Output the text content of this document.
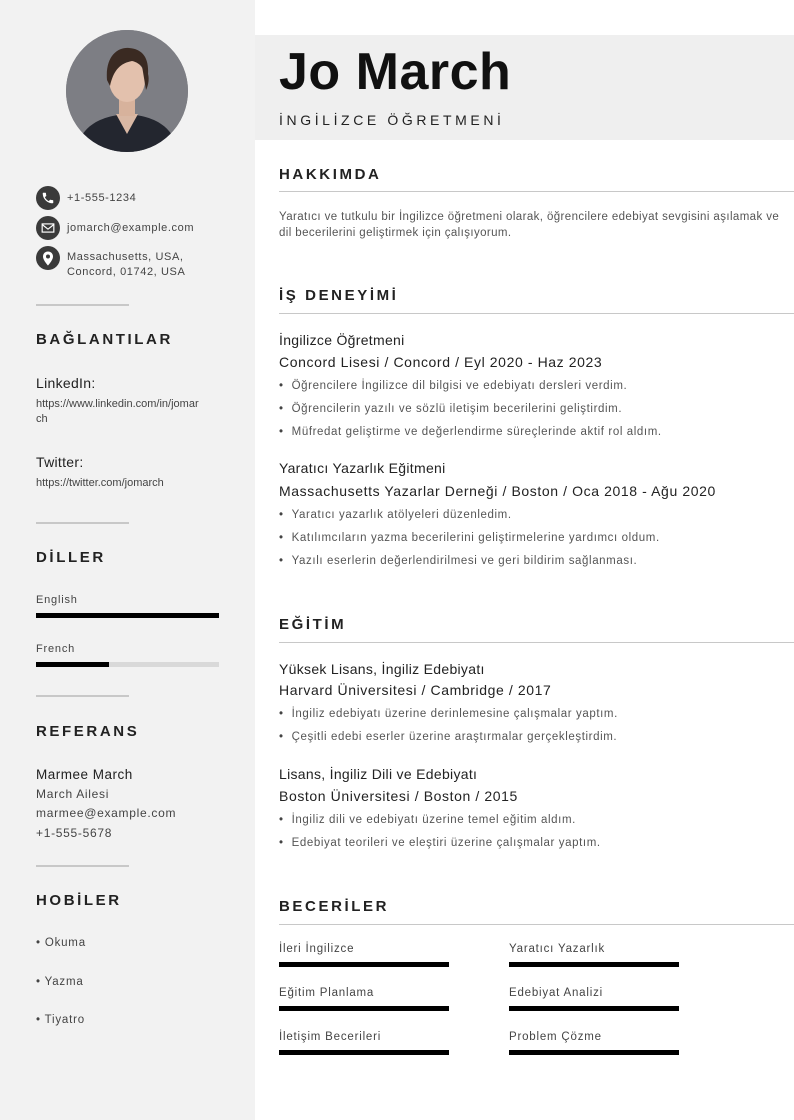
+1-555-1234
jomarch@example.com
Massachusetts, USA,
Concord, 01742, USA
BAĞLANTILAR
LinkedIn:
https://www.linkedin.com/in/jomar
ch
Twitter:
https://twitter.com/jomarch
DİLLER
English
French
REFERANS
Marmee March
March Ailesi
marmee@example.com
+1-555-5678
HOBİLER
• Okuma
• Yazma
• Tiyatro
Jo March
İNGİLİZCE ÖĞRETMENİ
HAKKIMDA
Yaratıcı ve tutkulu bir İngilizce öğretmeni olarak, öğrencilere edebiyat sevgisini aşılamak ve dil becerilerini geliştirmek için çalışıyorum.
İŞ DENEYİMİ
İngilizce Öğretmeni
Concord Lisesi / Concord / Eyl 2020 - Haz 2023
• Öğrencilere İngilizce dil bilgisi ve edebiyatı dersleri verdim.
• Öğrencilerin yazılı ve sözlü iletişim becerilerini geliştirdim.
• Müfredat geliştirme ve değerlendirme süreçlerinde aktif rol aldım.
Yaratıcı Yazarlık Eğitmeni
Massachusetts Yazarlar Derneği / Boston / Oca 2018 - Ağu 2020
• Yaratıcı yazarlık atölyeleri düzenledim.
• Katılımcıların yazma becerilerini geliştirmelerine yardımcı oldum.
• Yazılı eserlerin değerlendirilmesi ve geri bildirim sağlanması.
EĞİTİM
Yüksek Lisans, İngiliz Edebiyatı
Harvard Üniversitesi / Cambridge / 2017
• İngiliz edebiyatı üzerine derinlemesine çalışmalar yaptım.
• Çeşitli edebi eserler üzerine araştırmalar gerçekleştirdim.
Lisans, İngiliz Dili ve Edebiyatı
Boston Üniversitesi / Boston / 2015
• İngiliz dili ve edebiyatı üzerine temel eğitim aldım.
• Edebiyat teorileri ve eleştiri üzerine çalışmalar yaptım.
BECERİLER
İleri İngilizce	Yaratıcı Yazarlık
Eğitim Planlama	Edebiyat Analizi
İletişim Becerileri	Problem Çözme
